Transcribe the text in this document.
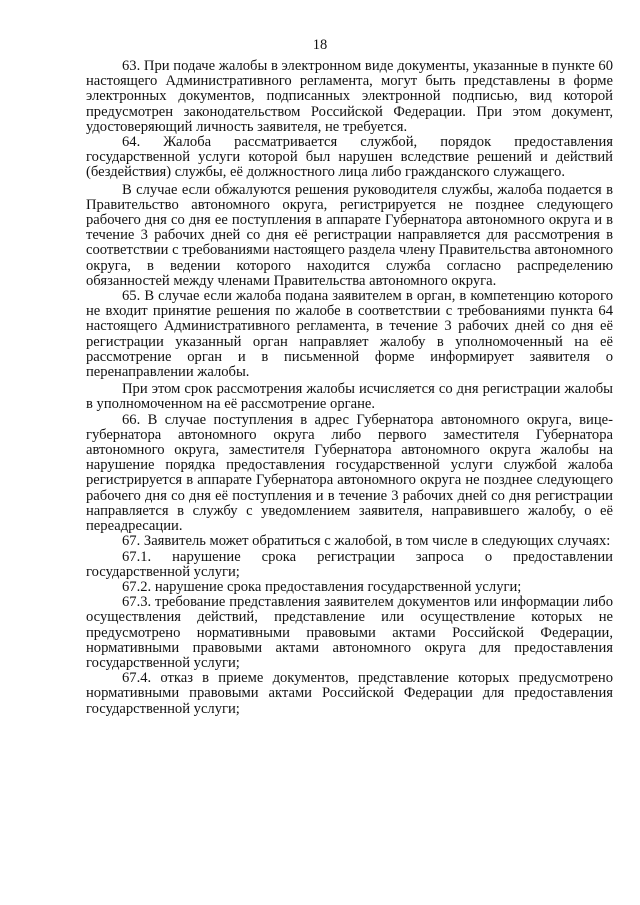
18

63. При подаче жалобы в электронном виде документы, указанные в пункте 60 настоящего Административного регламента, могут быть представлены в форме электронных документов, подписанных электронной подписью, вид которой предусмотрен законодательством Российской Федерации. При этом документ, удостоверяющий личность заявителя, не требуется.

64. Жалоба рассматривается службой, порядок предоставления государственной услуги которой был нарушен вследствие решений и действий (бездействия) службы, её должностного лица либо гражданского служащего.

В случае если обжалуются решения руководителя службы, жалоба подается в Правительство автономного округа, регистрируется не позднее следующего рабочего дня со дня ее поступления в аппарате Губернатора автономного округа и в течение 3 рабочих дней со дня её регистрации направляется для рассмотрения в соответствии с требованиями настоящего раздела члену Правительства автономного округа, в ведении которого находится служба согласно распределению обязанностей между членами Правительства автономного округа.

65. В случае если жалоба подана заявителем в орган, в компетенцию которого не входит принятие решения по жалобе в соответствии с требованиями пункта 64 настоящего Административного регламента, в течение 3 рабочих дней со дня её регистрации указанный орган направляет жалобу в уполномоченный на её рассмотрение орган и в письменной форме информирует заявителя о перенаправлении жалобы.

При этом срок рассмотрения жалобы исчисляется со дня регистрации жалобы в уполномоченном на её рассмотрение органе.

66. В случае поступления в адрес Губернатора автономного округа, вице-губернатора автономного округа либо первого заместителя Губернатора автономного округа, заместителя Губернатора автономного округа жалобы на нарушение порядка предоставления государственной услуги службой жалоба регистрируется в аппарате Губернатора автономного округа не позднее следующего рабочего дня со дня её поступления и в течение 3 рабочих дней со дня регистрации направляется в службу с уведомлением заявителя, направившего жалобу, о её переадресации.

67. Заявитель может обратиться с жалобой, в том числе в следующих случаях:

67.1. нарушение срока регистрации запроса о предоставлении государственной услуги;

67.2. нарушение срока предоставления государственной услуги;

67.3. требование представления заявителем документов или информации либо осуществления действий, представление или осуществление которых не предусмотрено нормативными правовыми актами Российской Федерации, нормативными правовыми актами автономного округа для предоставления государственной услуги;

67.4. отказ в приеме документов, представление которых предусмотрено нормативными правовыми актами Российской Федерации для предоставления государственной услуги;
